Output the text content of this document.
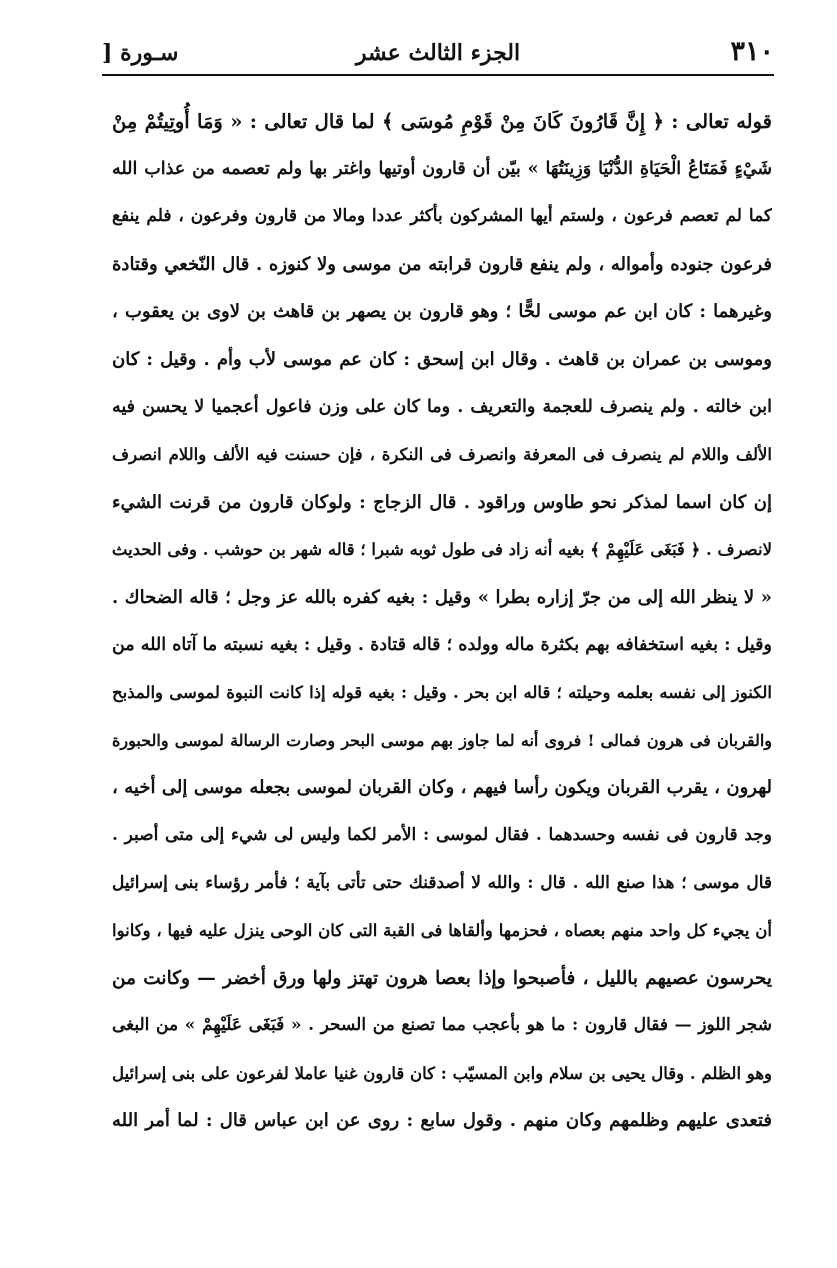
٣١٠
الجزء الثالث عشر
سـورة [
قوله تعالى : ﴿ إِنَّ قَارُونَ كَانَ مِنْ قَوْمِ مُوسَى ﴾ لما قال تعالى : « وَمَا أُوتِيتُمْ مِنْ
شَيْءٍ فَمَتَاعُ الْحَيَاةِ الدُّنْيَا وَزِينَتُهَا » بيّن أن قارون أوتيها واغتر بها ولم تعصمه من عذاب الله
كما لم تعصم فرعون ، ولستم أيها المشركون بأكثر عددا ومالا من قارون وفرعون ، فلم ينفع
فرعون جنوده وأمواله ، ولم ينفع قارون قرابته من موسى ولا كنوزه . قال النّخعي وقتادة
وغيرهما : كان ابن عم موسى لحًّا ؛ وهو قارون بن يصهر بن قاهث بن لاوى بن يعقوب ،
وموسى بن عمران بن قاهث . وقال ابن إسحق : كان عم موسى لأب وأم . وقيل : كان
ابن خالته . ولم ينصرف للعجمة والتعريف . وما كان على وزن فاعول أعجميا لا يحسن فيه
الألف واللام لم ينصرف فى المعرفة وانصرف فى النكرة ، فإن حسنت فيه الألف واللام انصرف
إن كان اسما لمذكر نحو طاوس وراقود . قال الزجاج : ولوكان قارون من قرنت الشيء
لانصرف . ﴿ فَبَغَى عَلَيْهِمْ ﴾ بغيه أنه زاد فى طول ثوبه شبرا ؛ قاله شهر بن حوشب . وفى الحديث
« لا ينظر الله إلى من جرّ إزاره بطرا » وقيل : بغيه كفره بالله عز وجل ؛ قاله الضحاك .
وقيل : بغيه استخفافه بهم بكثرة ماله وولده ؛ قاله قتادة . وقيل : بغيه نسبته ما آتاه الله من
الكنوز إلى نفسه بعلمه وحيلته ؛ قاله ابن بحر . وقيل : بغيه قوله إذا كانت النبوة لموسى والمذبح
والقربان فى هرون فمالى ! فروى أنه لما جاوز بهم موسى البحر وصارت الرسالة لموسى والحبورة
لهرون ، يقرب القربان ويكون رأسا فيهم ، وكان القربان لموسى بجعله موسى إلى أخيه ،
وجد قارون فى نفسه وحسدهما . فقال لموسى : الأمر لكما وليس لى شيء إلى متى أصبر .
قال موسى ؛ هذا صنع الله . قال : والله لا أصدقنك حتى تأتى بآية ؛ فأمر رؤساء بنى إسرائيل
أن يجيء كل واحد منهم بعصاه ، فحزمها وألقاها فى القبة التى كان الوحى ينزل عليه فيها ، وكانوا
يحرسون عصيهم بالليل ، فأصبحوا وإذا بعصا هرون تهتز ولها ورق أخضر — وكانت من
شجر اللوز — فقال قارون : ما هو بأعجب مما تصنع من السحر . « فَبَغَى عَلَيْهِمْ » من البغى
وهو الظلم . وقال يحيى بن سلام وابن المسيّب : كان قارون غنيا عاملا لفرعون على بنى إسرائيل
فتعدى عليهم وظلمهم وكان منهم . وقول سابع : روى عن ابن عباس قال : لما أمر الله
